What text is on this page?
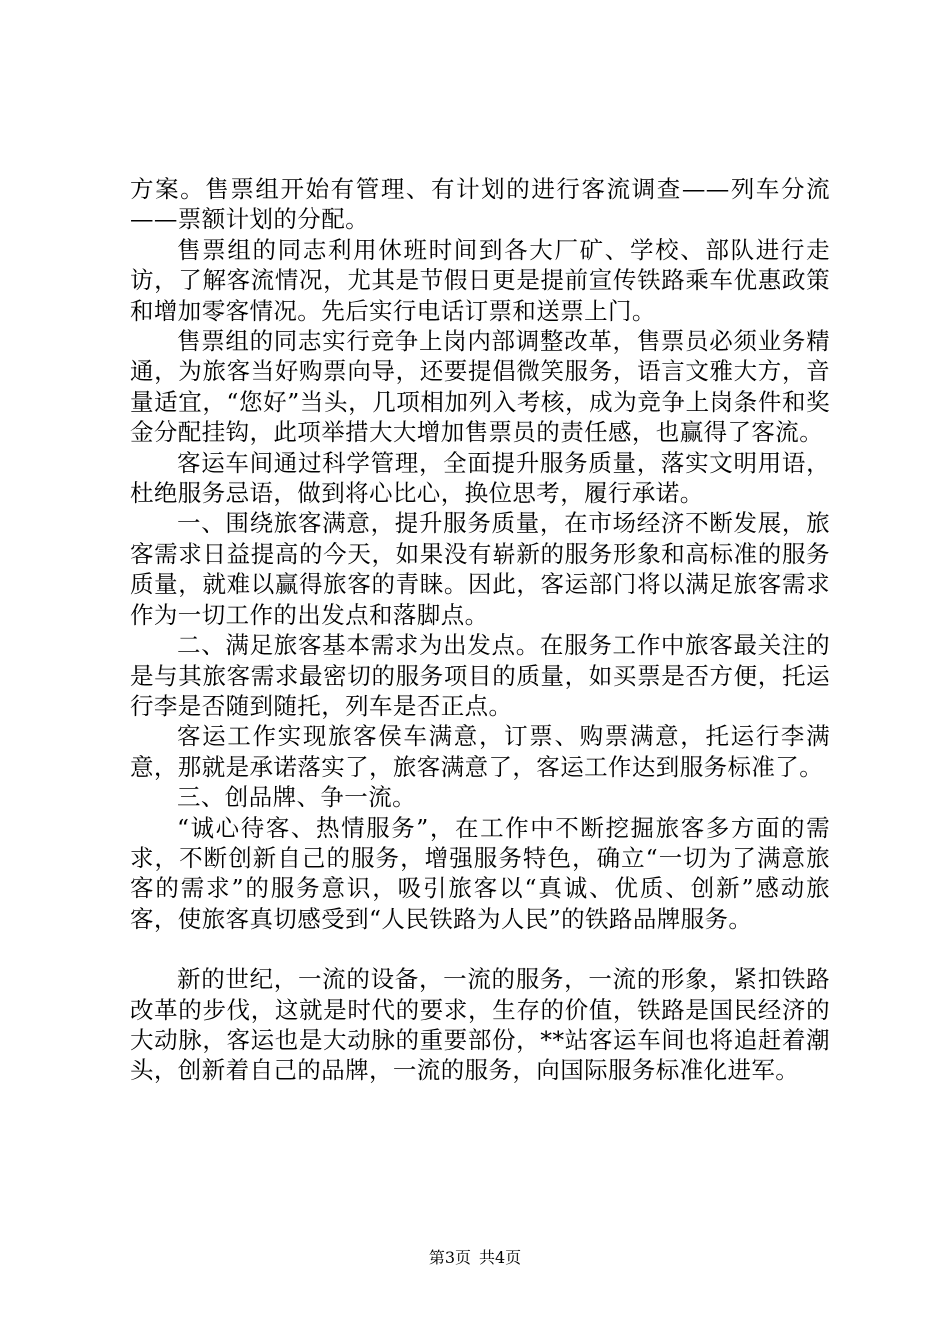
方案。售票组开始有管理、有计划的进行客流调查——列车分流——票额计划的分配。

售票组的同志利用休班时间到各大厂矿、学校、部队进行走访，了解客流情况，尤其是节假日更是提前宣传铁路乘车优惠政策和增加零客情况。先后实行电话订票和送票上门。

售票组的同志实行竞争上岗内部调整改革，售票员必须业务精通，为旅客当好购票向导，还要提倡微笑服务，语言文雅大方，音量适宜，“您好”当头，几项相加列入考核，成为竞争上岗条件和奖金分配挂钩，此项举措大大增加售票员的责任感，也赢得了客流。

客运车间通过科学管理，全面提升服务质量，落实文明用语，杜绝服务忌语，做到将心比心，换位思考，履行承诺。

一、围绕旅客满意，提升服务质量，在市场经济不断发展，旅客需求日益提高的今天，如果没有崭新的服务形象和高标准的服务质量，就难以赢得旅客的青睐。因此，客运部门将以满足旅客需求作为一切工作的出发点和落脚点。

二、满足旅客基本需求为出发点。在服务工作中旅客最关注的是与其旅客需求最密切的服务项目的质量，如买票是否方便，托运行李是否随到随托，列车是否正点。

客运工作实现旅客侯车满意，订票、购票满意，托运行李满意，那就是承诺落实了，旅客满意了，客运工作达到服务标准了。

三、创品牌、争一流。

“诚心待客、热情服务”，在工作中不断挖掘旅客多方面的需求，不断创新自己的服务，增强服务特色，确立“一切为了满意旅客的需求”的服务意识，吸引旅客以“真诚、优质、创新”感动旅客，使旅客真切感受到“人民铁路为人民”的铁路品牌服务。

新的世纪，一流的设备，一流的服务，一流的形象，紧扣铁路改革的步伐，这就是时代的要求，生存的价值，铁路是国民经济的大动脉，客运也是大动脉的重要部份，**站客运车间也将追赶着潮头，创新着自己的品牌，一流的服务，向国际服务标准化进军。

第3页 共4页
